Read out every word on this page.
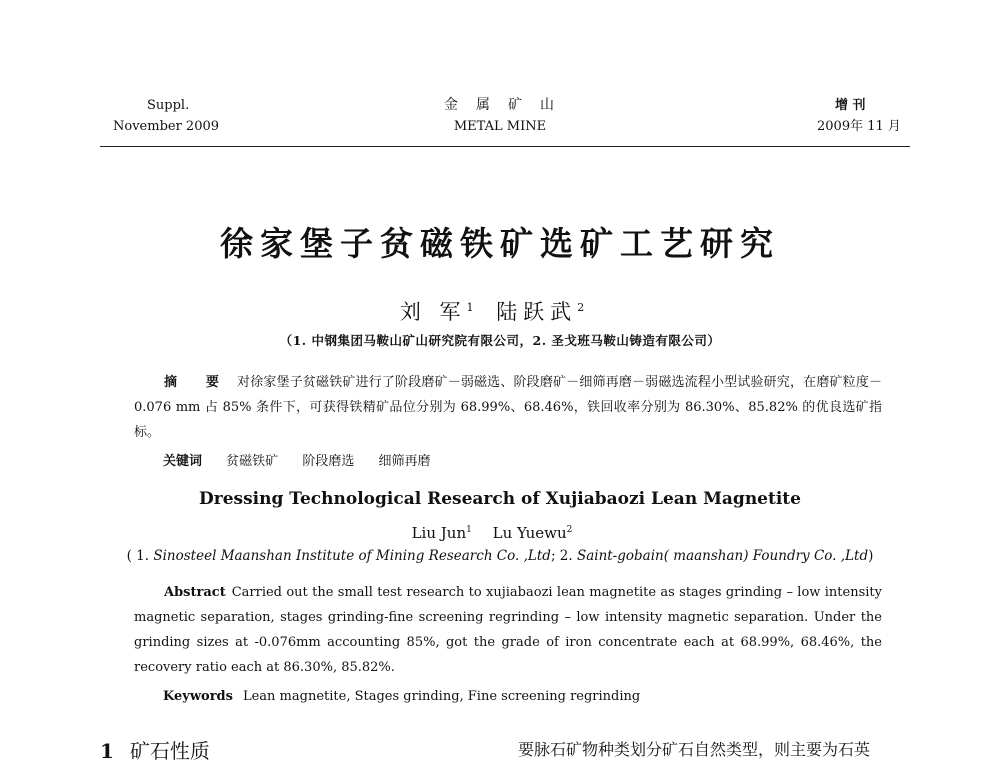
Suppl.
November 2009
金　属　矿　山
METAL MINE
增 刊
2009年 11 月
徐家堡子贫磁铁矿选矿工艺研究
刘 军$^1$ 陆跃武$^2$
（1. 中钢集团马鞍山矿山研究院有限公司，2. 圣戈班马鞍山铸造有限公司）
摘 要 对徐家堡子贫磁铁矿进行了阶段磨矿－弱磁选、阶段磨矿－细筛再磨－弱磁选流程小型试验研究，在磨矿粒度－0.076 mm 占 85% 条件下，可获得铁精矿品位分别为 68.99%、68.46%，铁回收率分别为 86.30%、85.82% 的优良选矿指标。
关键词 贫磁铁矿 阶段磨选 细筛再磨
Dressing Technological Research of Xujiabaozi Lean Magnetite
Liu Jun$^1$ Lu Yuewu$^2$
( 1. Sinosteel Maanshan Institute of Mining Research Co. ,Ltd; 2. Saint-gobain( maanshan) Foundry Co. ,Ltd)
Abstract Carried out the small test research to xujiabaozi lean magnetite as stages grinding – low intensity magnetic separation, stages grinding-fine screening regrinding – low intensity magnetic separation. Under the grinding sizes at -0.076mm accounting 85%, got the grade of iron concentrate each at 68.99%, 68.46%, the recovery ratio each at 86.30%, 85.82%.
Keywords Lean magnetite, Stages grinding, Fine screening regrinding
1 矿石性质	要脉石矿物种类划分矿石自然类型，则主要为石英
